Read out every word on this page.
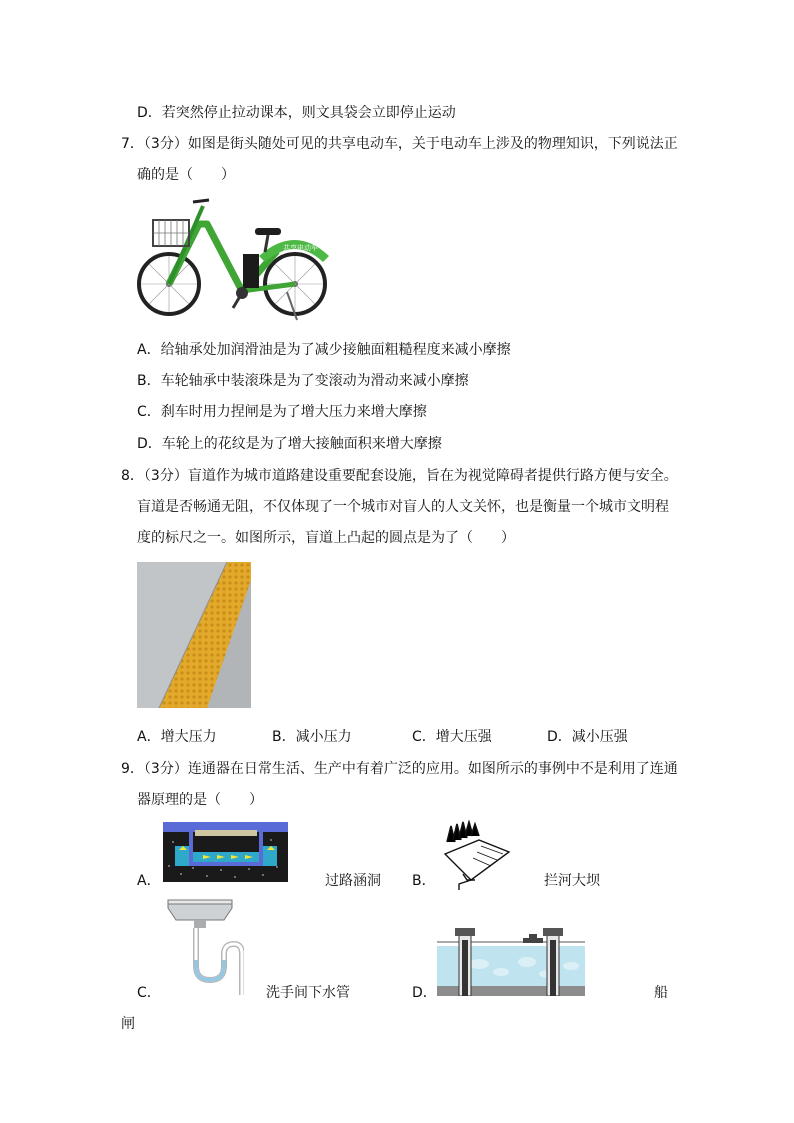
D．若突然停止拉动课本，则文具袋会立即停止运动
7．（3分）如图是街头随处可见的共享电动车，关于电动车上涉及的物理知识，下列说法正
确的是（　　）
共享电动车
A．给轴承处加润滑油是为了减少接触面粗糙程度来减小摩擦
B．车轮轴承中装滚珠是为了变滚动为滑动来减小摩擦
C．刹车时用力捏闸是为了增大压力来增大摩擦
D．车轮上的花纹是为了增大接触面积来增大摩擦
8．（3分）盲道作为城市道路建设重要配套设施，旨在为视觉障碍者提供行路方便与安全。
盲道是否畅通无阻，不仅体现了一个城市对盲人的人文关怀，也是衡量一个城市文明程
度的标尺之一。如图所示，盲道上凸起的圆点是为了（　　）
A．增大压力	B．减小压力	C．增大压强	D．减小压强
9．（3分）连通器在日常生活、生产中有着广泛的应用。如图所示的事例中不是利用了连通
器原理的是（　　）
A．	过路涵洞 B．	拦河大坝
C．	洗手间下水管	D．	船
闸
